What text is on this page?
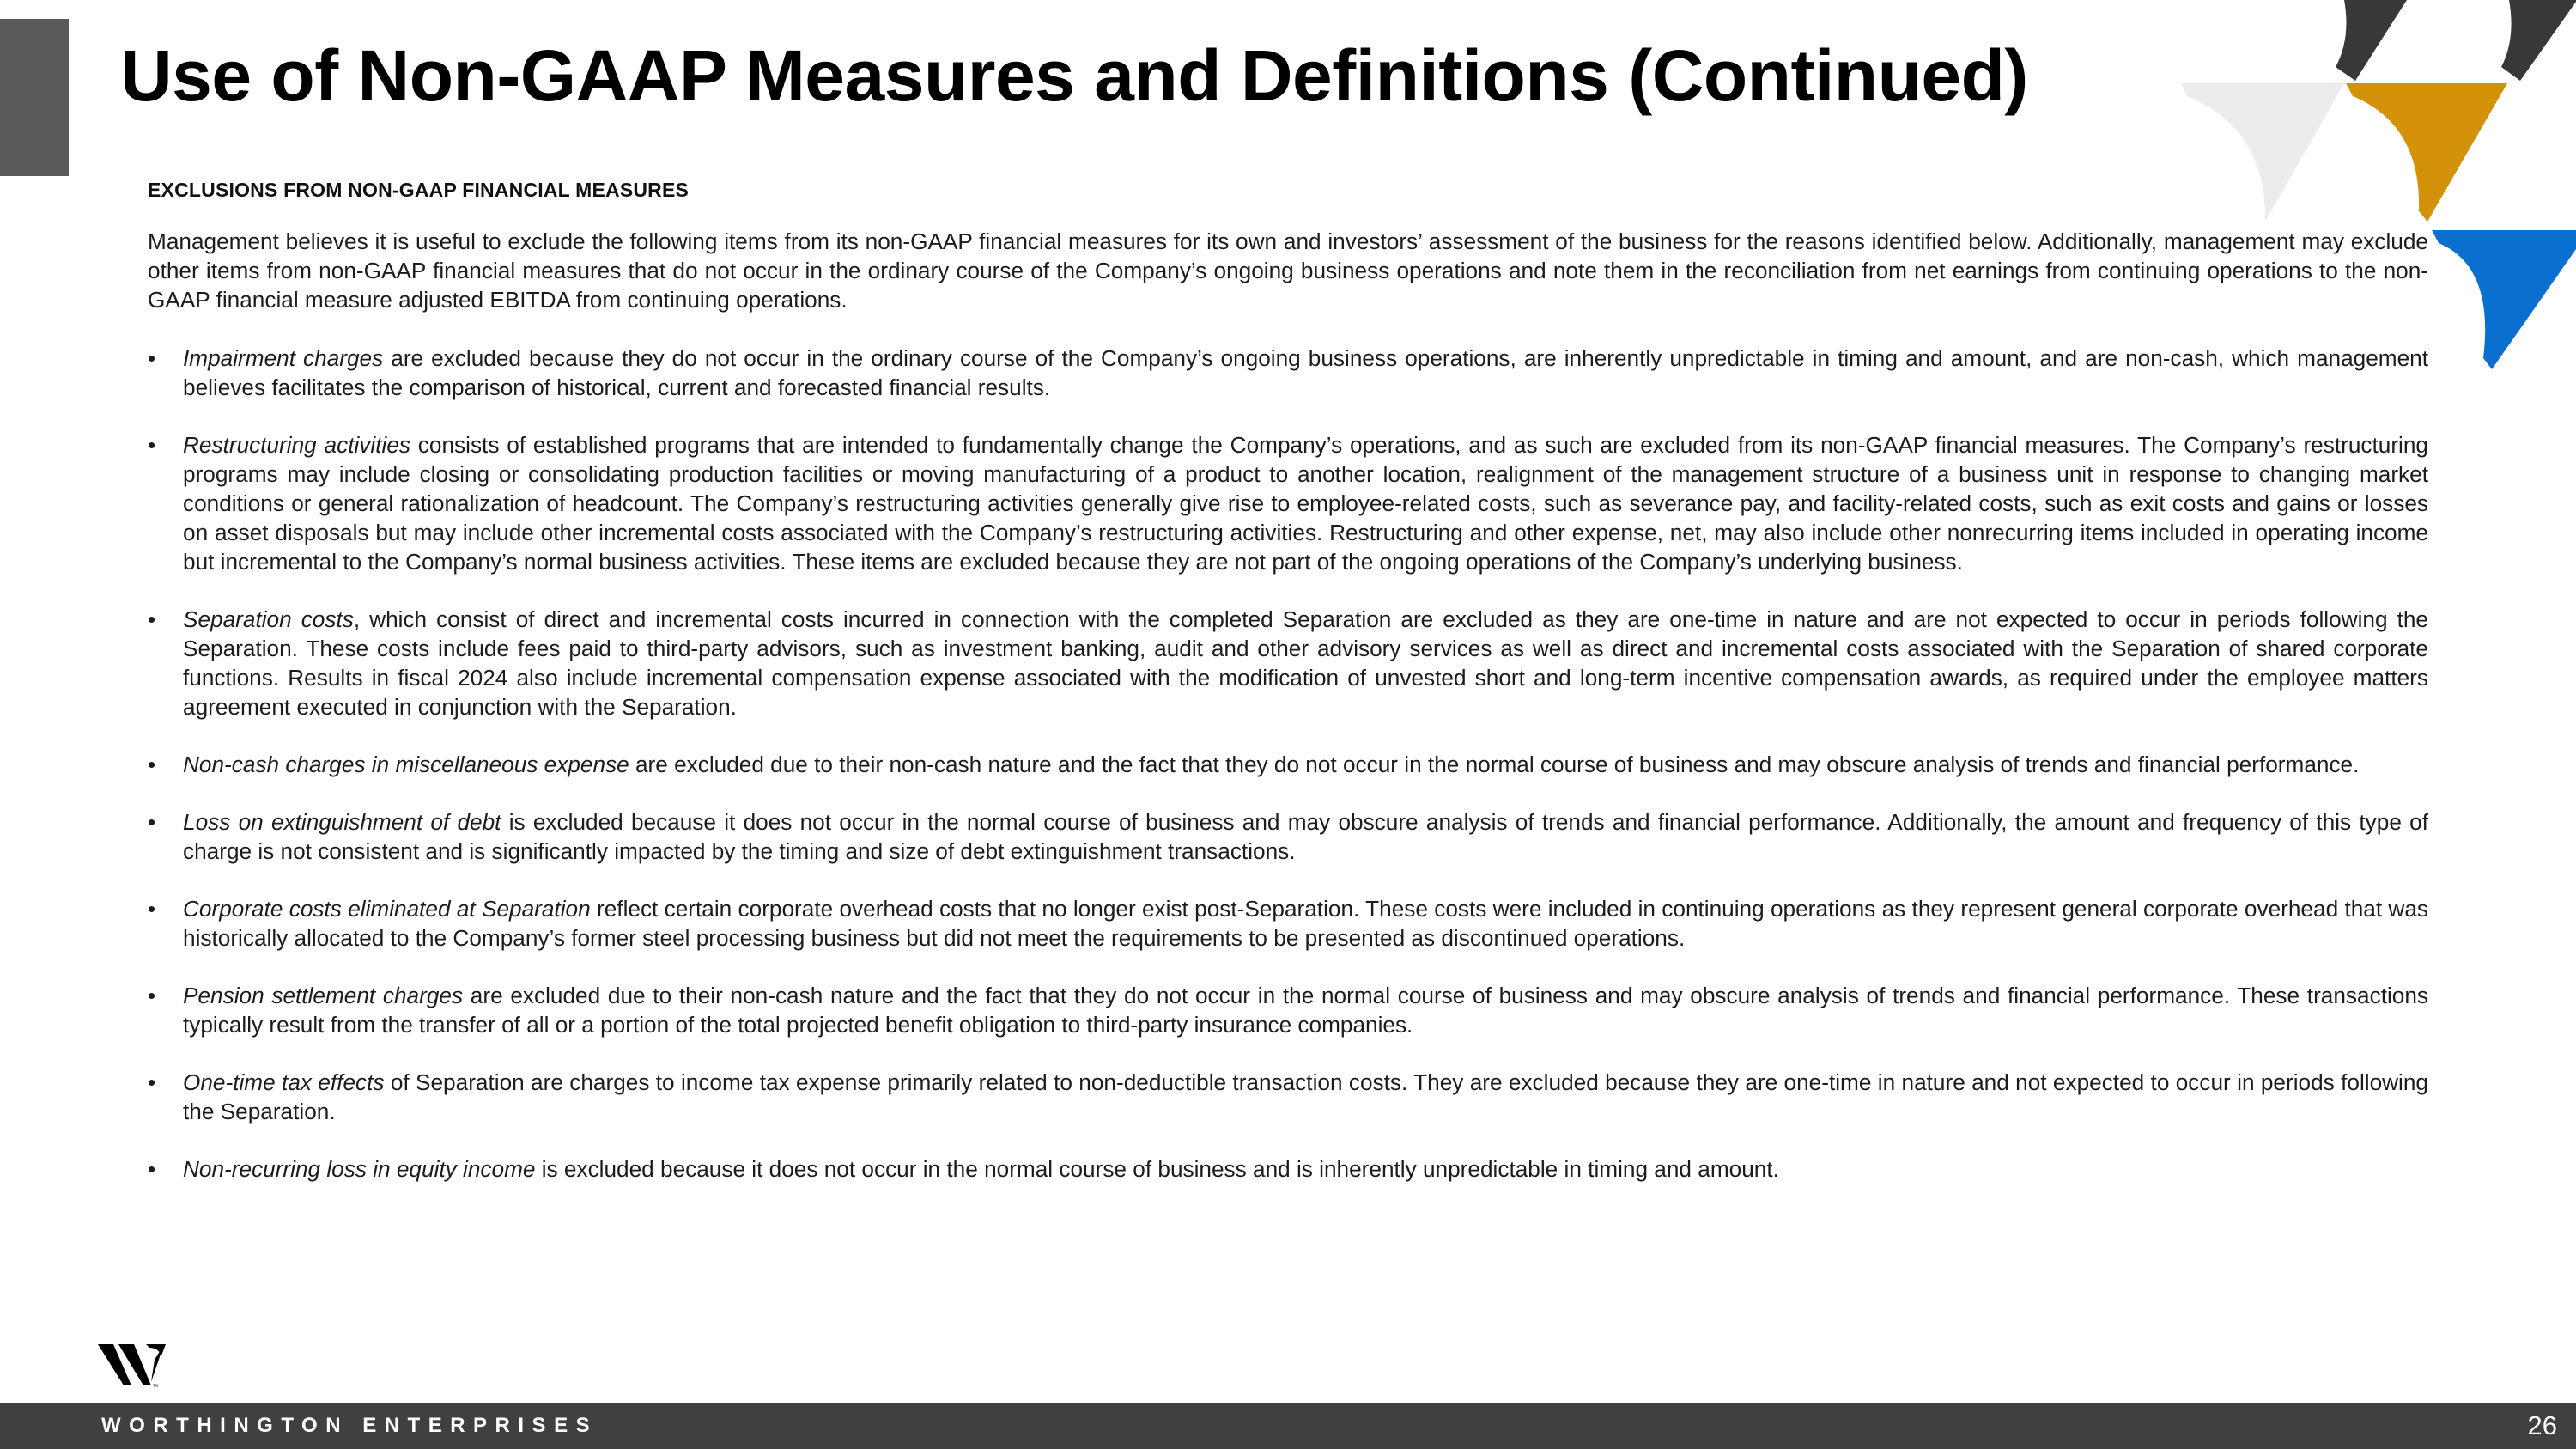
Use of Non-GAAP Measures and Definitions (Continued)
EXCLUSIONS FROM NON-GAAP FINANCIAL MEASURES

Management believes it is useful to exclude the following items from its non-GAAP financial measures for its own and investors’ assessment of the business for the reasons identified below. Additionally, management may exclude other items from non-GAAP financial measures that do not occur in the ordinary course of the Company’s ongoing business operations and note them in the reconciliation from net earnings from continuing operations to the non-GAAP financial measure adjusted EBITDA from continuing operations.

•	Impairment charges are excluded because they do not occur in the ordinary course of the Company’s ongoing business operations, are inherently unpredictable in timing and amount, and are non-cash, which management believes facilitates the comparison of historical, current and forecasted financial results.
•	Restructuring activities consists of established programs that are intended to fundamentally change the Company’s operations, and as such are excluded from its non-GAAP financial measures. The Company’s restructuring programs may include closing or consolidating production facilities or moving manufacturing of a product to another location, realignment of the management structure of a business unit in response to changing market conditions or general rationalization of headcount. The Company’s restructuring activities generally give rise to employee-related costs, such as severance pay, and facility-related costs, such as exit costs and gains or losses on asset disposals but may include other incremental costs associated with the Company’s restructuring activities. Restructuring and other expense, net, may also include other nonrecurring items included in operating income but incremental to the Company’s normal business activities. These items are excluded because they are not part of the ongoing operations of the Company’s underlying business.
•	Separation costs, which consist of direct and incremental costs incurred in connection with the completed Separation are excluded as they are one-time in nature and are not expected to occur in periods following the Separation. These costs include fees paid to third-party advisors, such as investment banking, audit and other advisory services as well as direct and incremental costs associated with the Separation of shared corporate functions. Results in fiscal 2024 also include incremental compensation expense associated with the modification of unvested short and long-term incentive compensation awards, as required under the employee matters agreement executed in conjunction with the Separation.
•	Non-cash charges in miscellaneous expense are excluded due to their non-cash nature and the fact that they do not occur in the normal course of business and may obscure analysis of trends and financial performance.
•	Loss on extinguishment of debt is excluded because it does not occur in the normal course of business and may obscure analysis of trends and financial performance. Additionally, the amount and frequency of this type of charge is not consistent and is significantly impacted by the timing and size of debt extinguishment transactions.
•	Corporate costs eliminated at Separation reflect certain corporate overhead costs that no longer exist post-Separation. These costs were included in continuing operations as they represent general corporate overhead that was historically allocated to the Company’s former steel processing business but did not meet the requirements to be presented as discontinued operations.
•	Pension settlement charges are excluded due to their non-cash nature and the fact that they do not occur in the normal course of business and may obscure analysis of trends and financial performance. These transactions typically result from the transfer of all or a portion of the total projected benefit obligation to third-party insurance companies.
•	One-time tax effects of Separation are charges to income tax expense primarily related to non-deductible transaction costs. They are excluded because they are one-time in nature and not expected to occur in periods following the Separation.
•	Non-recurring loss in equity income is excluded because it does not occur in the normal course of business and is inherently unpredictable in timing and amount.
TM
WORTHINGTON ENTERPRISES	26
